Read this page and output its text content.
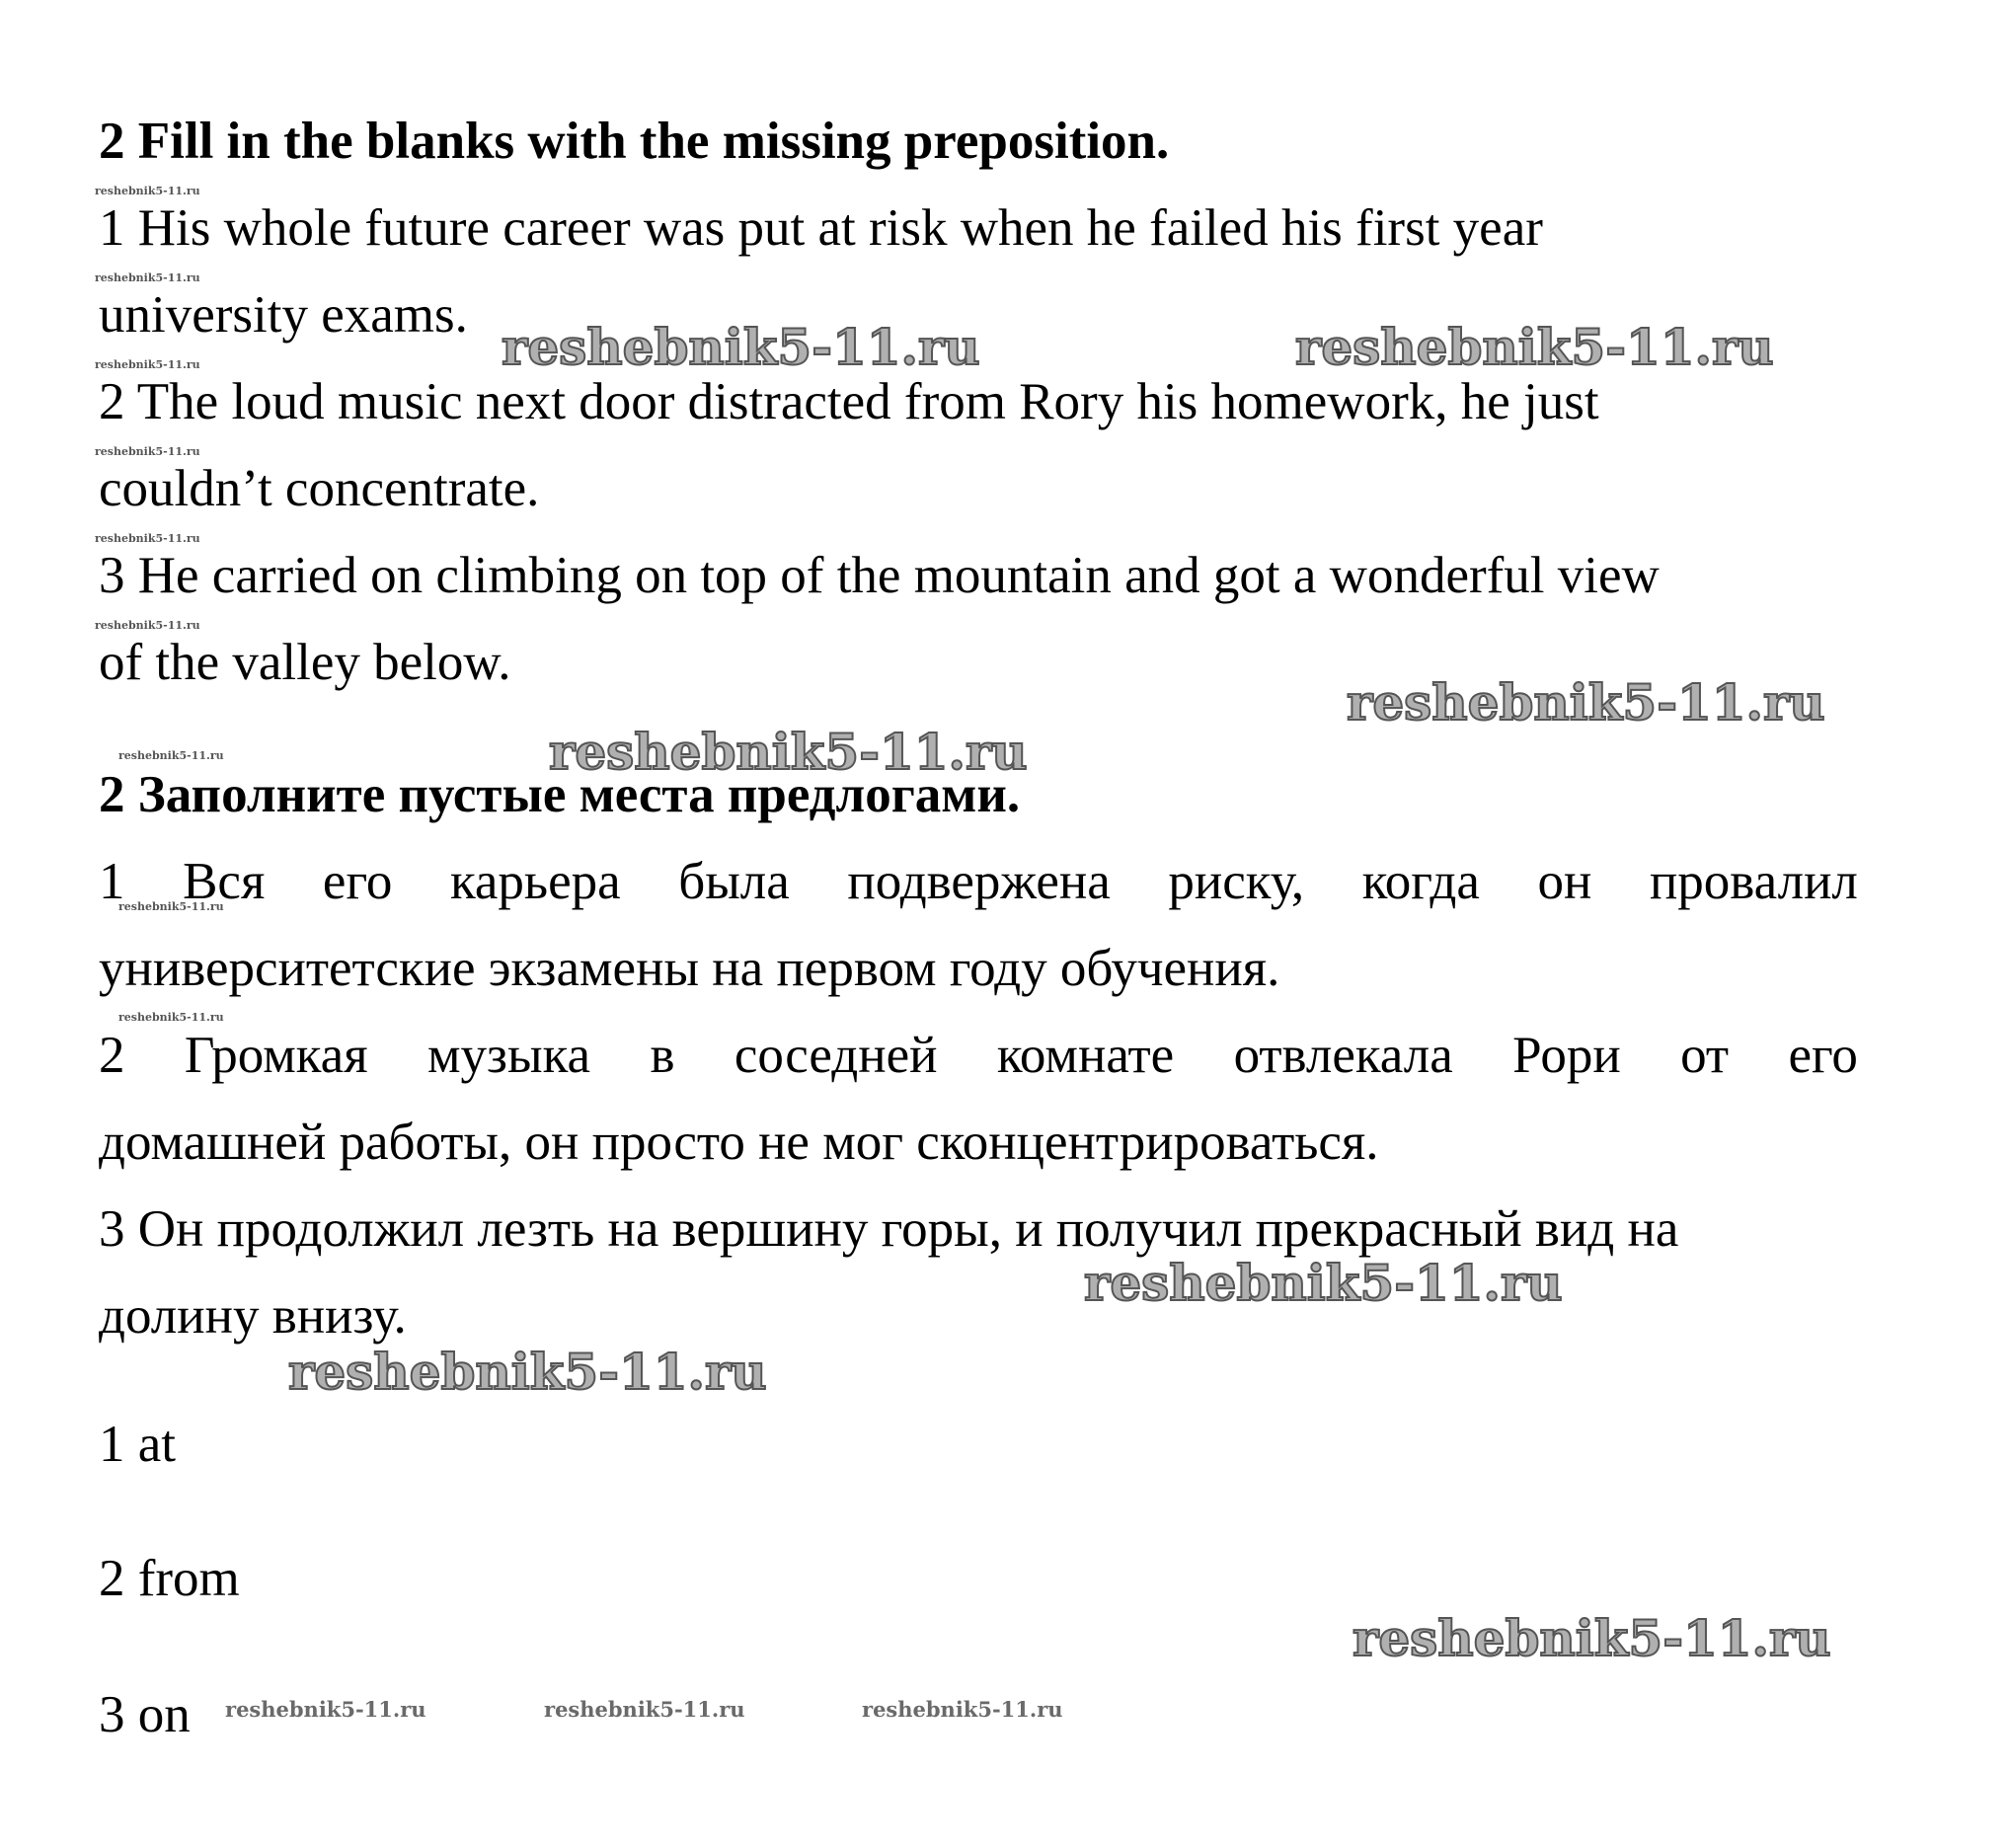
2 Fill in the blanks with the missing preposition.
1 His whole future career was put at risk when he failed his first year
university exams.
2 The loud music next door distracted from Rory his homework, he just
couldn’t concentrate.
3 He carried on climbing on top of the mountain and got a wonderful view
of the valley below.
2 Заполните пустые места предлогами.
1 Вся его карьера была подвержена риску, когда он провалил
университетские экзамены на первом году обучения.
2 Громкая музыка в соседней комнате отвлекала Рори от его
домашней работы, он просто не мог сконцентрироваться.
3 Он продолжил лезть на вершину горы, и получил прекрасный вид на
долину внизу.
1 at
2 from
3 on
reshebnik5-11.ru	reshebnik5-11.ru
reshebnik5-11.ru
reshebnik5-11.ru
reshebnik5-11.ru
reshebnik5-11.ru
reshebnik5-11.ru
reshebnik5-11.ru
reshebnik5-11.ru
reshebnik5-11.ru
reshebnik5-11.ru
reshebnik5-11.ru
reshebnik5-11.ru
reshebnik5-11.ru
reshebnik5-11.ru
reshebnik5-11.ru
reshebnik5-11.ru	reshebnik5-11.ru	reshebnik5-11.ru
